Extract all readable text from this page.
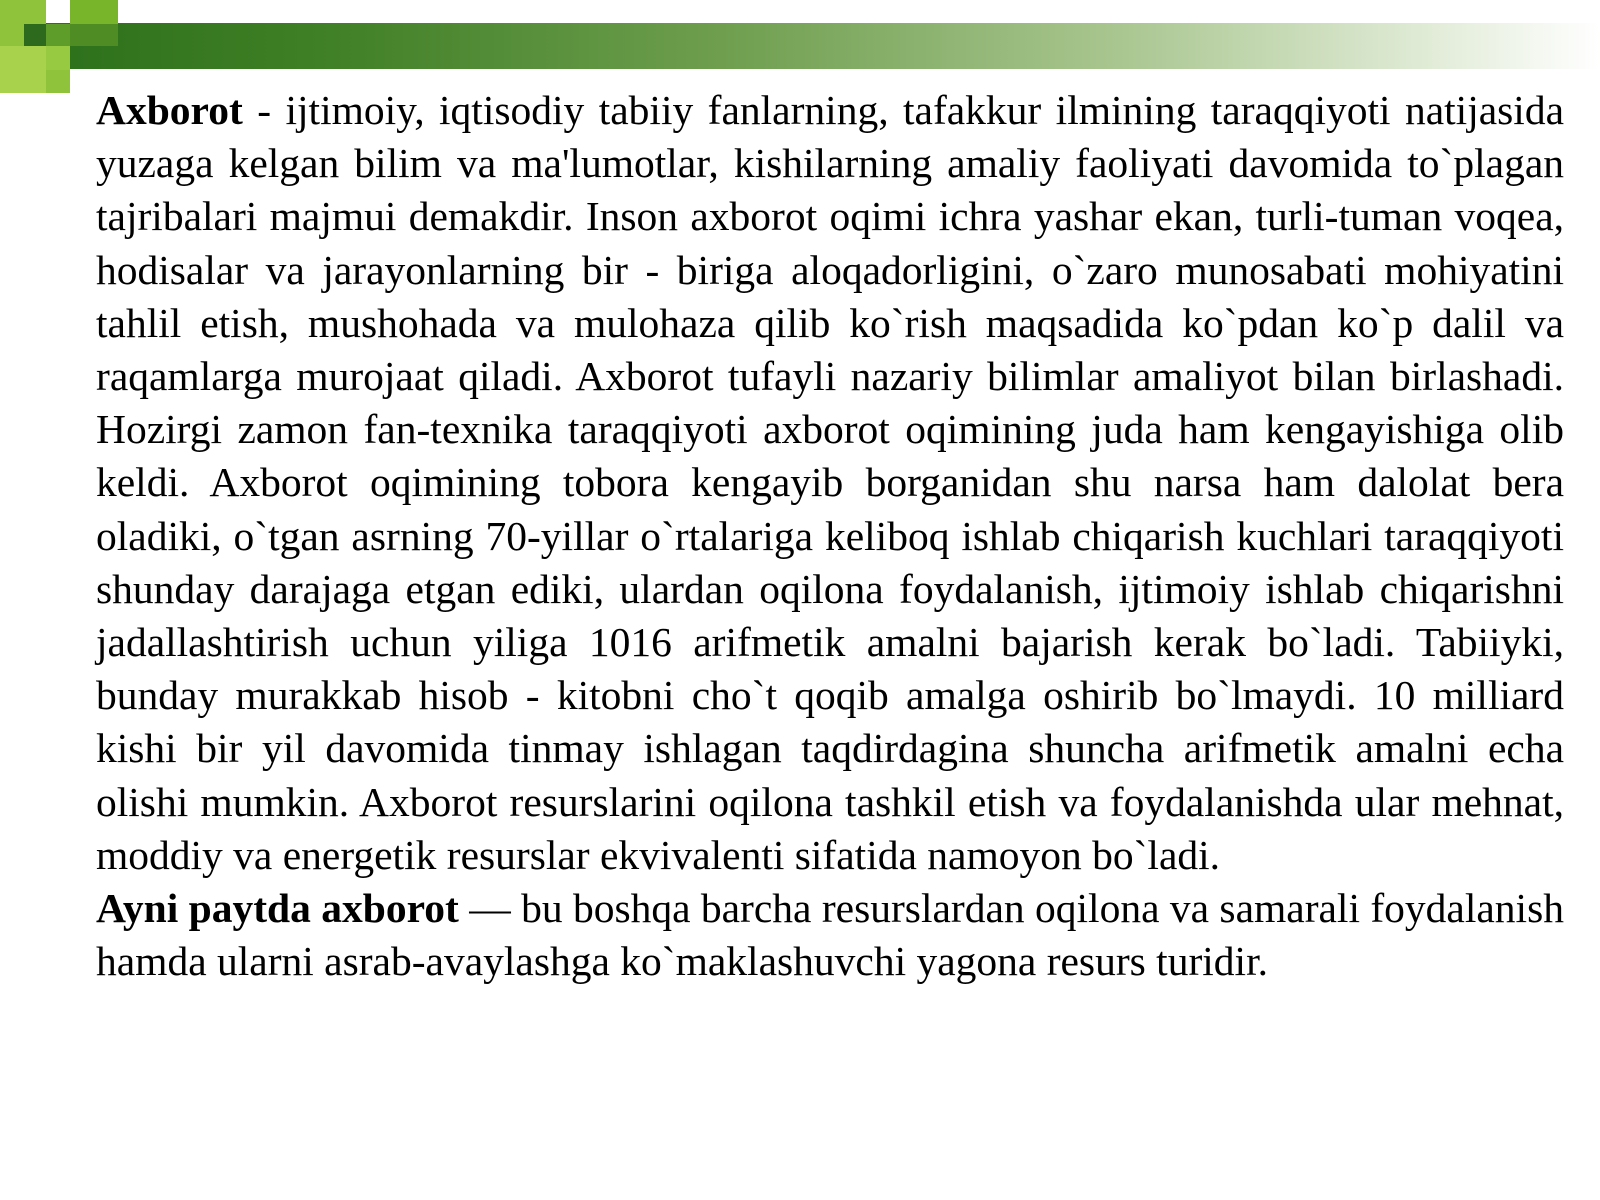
Axborot - ijtimoiy, iqtisodiy tabiiy fanlarning, tafakkur ilmining taraqqiyoti natijasida yuzaga kelgan bilim va ma'lumotlar, kishilarning amaliy faoliyati davomida to`plagan tajribalari majmui demakdir. Inson axborot oqimi ichra yashar ekan, turli-tuman voqea, hodisalar va jarayonlarning bir - biriga aloqadorligini, o`zaro munosabati mohiyatini tahlil etish, mushohada va mulohaza qilib ko`rish maqsadida ko`pdan ko`p dalil va raqamlarga murojaat qiladi. Axborot tufayli nazariy bilimlar amaliyot bilan birlashadi. Hozirgi zamon fan-texnika taraqqiyoti axborot oqimining juda ham kengayishiga olib keldi. Axborot oqimining tobora kengayib borganidan shu narsa ham dalolat bera oladiki, o`tgan asrning 70-yillar o`rtalariga keliboq ishlab chiqarish kuchlari taraqqiyoti shunday darajaga etgan ediki, ulardan oqilona foydalanish, ijtimoiy ishlab chiqarishni jadallashtirish uchun yiliga 1016 arifmetik amalni bajarish kerak bo`ladi. Tabiiyki, bunday murakkab hisob - kitobni cho`t qoqib amalga oshirib bo`lmaydi. 10 milliard kishi bir yil davomida tinmay ishlagan taqdirdagina shuncha arifmetik amalni echa olishi mumkin. Axborot resurslarini oqilona tashkil etish va foydalanishda ular mehnat, moddiy va energetik resurslar ekvivalenti sifatida namoyon bo`ladi.

Ayni paytda axborot — bu boshqa barcha resurslardan oqilona va samarali foydalanish hamda ularni asrab-avaylashga ko`maklashuvchi yagona resurs turidir.
